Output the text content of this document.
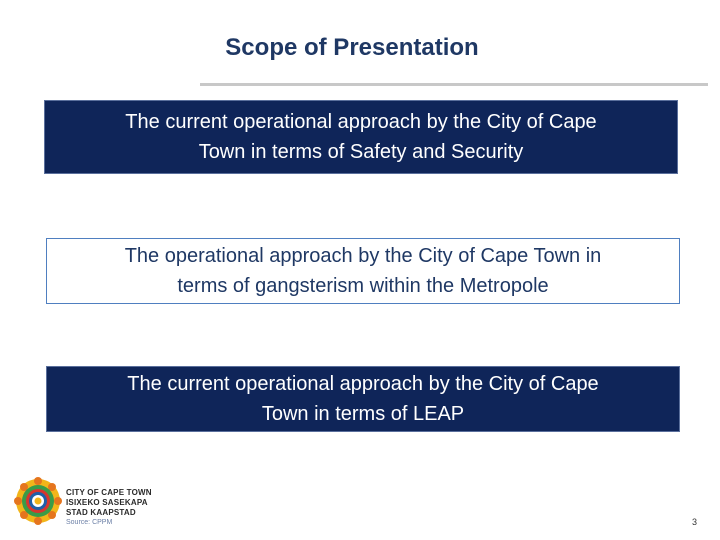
Scope of Presentation
The current operational approach by the City of Cape
Town in terms of Safety and Security
The operational approach by the City of Cape Town in
terms of gangsterism within the Metropole
The current operational approach by the City of Cape
Town in terms of LEAP
CITY OF CAPE TOWN
ISIXEKO SASEKAPA
STAD KAAPSTAD
Source: CPPM	3
